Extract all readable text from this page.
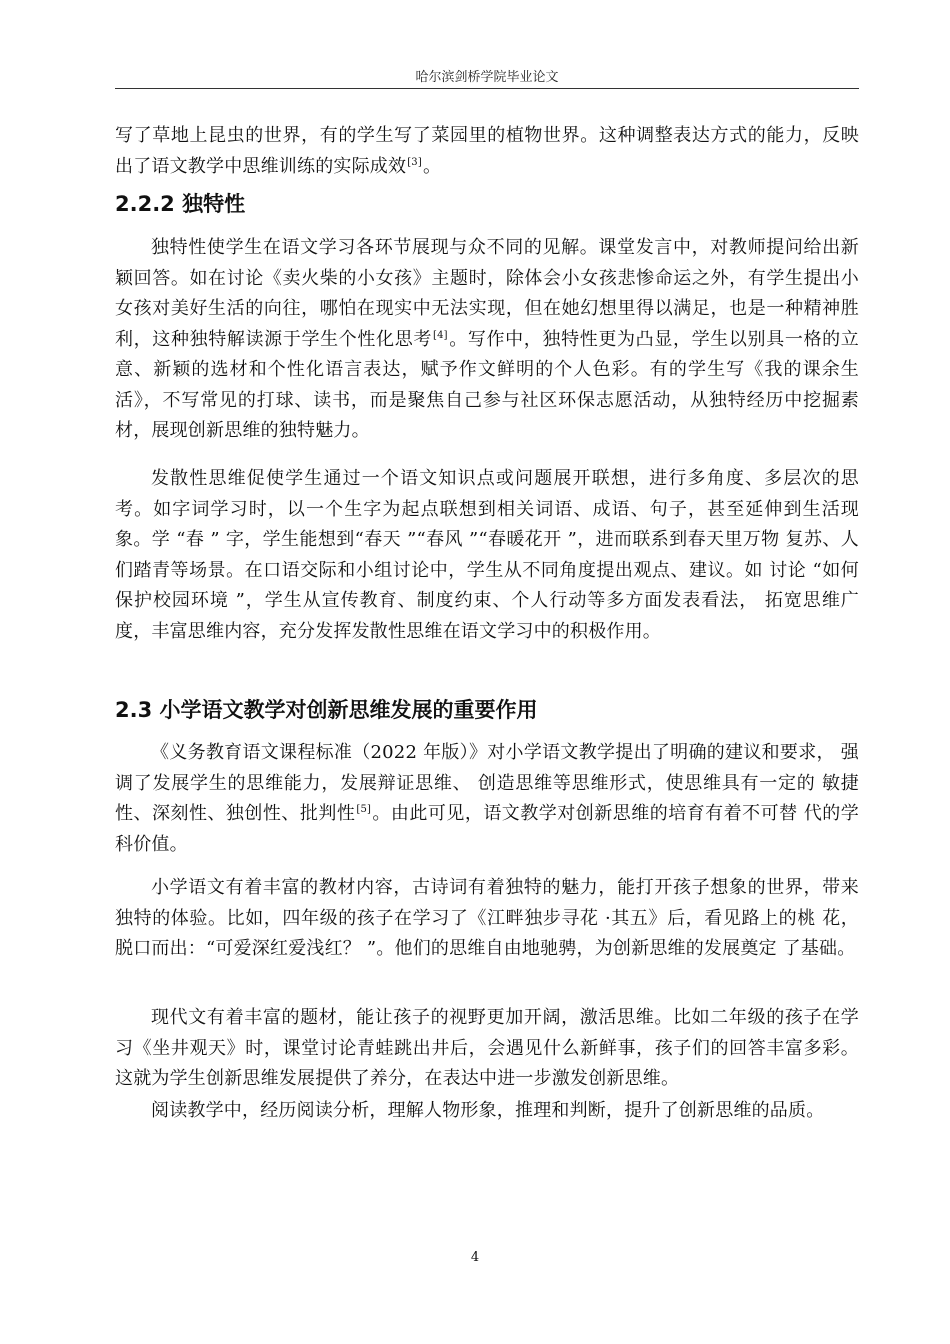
哈尔滨剑桥学院毕业论文
写了草地上昆虫的世界，有的学生写了菜园里的植物世界。这种调整表达方式的能力，反映出了语文教学中思维训练的实际成效[3]。
2.2.2 独特性
独特性使学生在语文学习各环节展现与众不同的见解。课堂发言中，对教师提问给出新颖回答。如在讨论《卖火柴的小女孩》主题时，除体会小女孩悲惨命运之外，有学生提出小女孩对美好生活的向往，哪怕在现实中无法实现，但在她幻想里得以满足，也是一种精神胜利，这种独特解读源于学生个性化思考[4]。写作中，独特性更为凸显，学生以别具一格的立意、新颖的选材和个性化语言表达，赋予作文鲜明的个人色彩。有的学生写《我的课余生活》，不写常见的打球、读书，而是聚焦自己参与社区环保志愿活动，从独特经历中挖掘素材，展现创新思维的独特魅力。
发散性思维促使学生通过一个语文知识点或问题展开联想，进行多角度、多层次的思考。如字词学习时，以一个生字为起点联想到相关词语、成语、句子，甚至延伸到生活现象。学 “春 ” 字，学生能想到“春天 ”“春风 ”“春暖花开 ”，进而联系到春天里万物 复苏、人们踏青等场景。在口语交际和小组讨论中，学生从不同角度提出观点、建议。如 讨论 “如何保护校园环境 ”，学生从宣传教育、制度约束、个人行动等多方面发表看法， 拓宽思维广度，丰富思维内容，充分发挥发散性思维在语文学习中的积极作用。
2.3 小学语文教学对创新思维发展的重要作用
《义务教育语文课程标准（2022 年版）》对小学语文教学提出了明确的建议和要求， 强调了发展学生的思维能力，发展辩证思维、 创造思维等思维形式，使思维具有一定的 敏捷性、深刻性、独创性、批判性[5]。由此可见，语文教学对创新思维的培育有着不可替 代的学科价值。
小学语文有着丰富的教材内容，古诗词有着独特的魅力，能打开孩子想象的世界，带来独特的体验。比如，四年级的孩子在学习了《江畔独步寻花 ·其五》后，看见路上的桃 花，脱口而出：“可爱深红爱浅红？ ”。他们的思维自由地驰骋，为创新思维的发展奠定 了基础。
现代文有着丰富的题材，能让孩子的视野更加开阔，激活思维。比如二年级的孩子在学习《坐井观天》时，课堂讨论青蛙跳出井后，会遇见什么新鲜事，孩子们的回答丰富多彩。这就为学生创新思维发展提供了养分，在表达中进一步激发创新思维。
阅读教学中，经历阅读分析，理解人物形象，推理和判断，提升了创新思维的品质。
4
